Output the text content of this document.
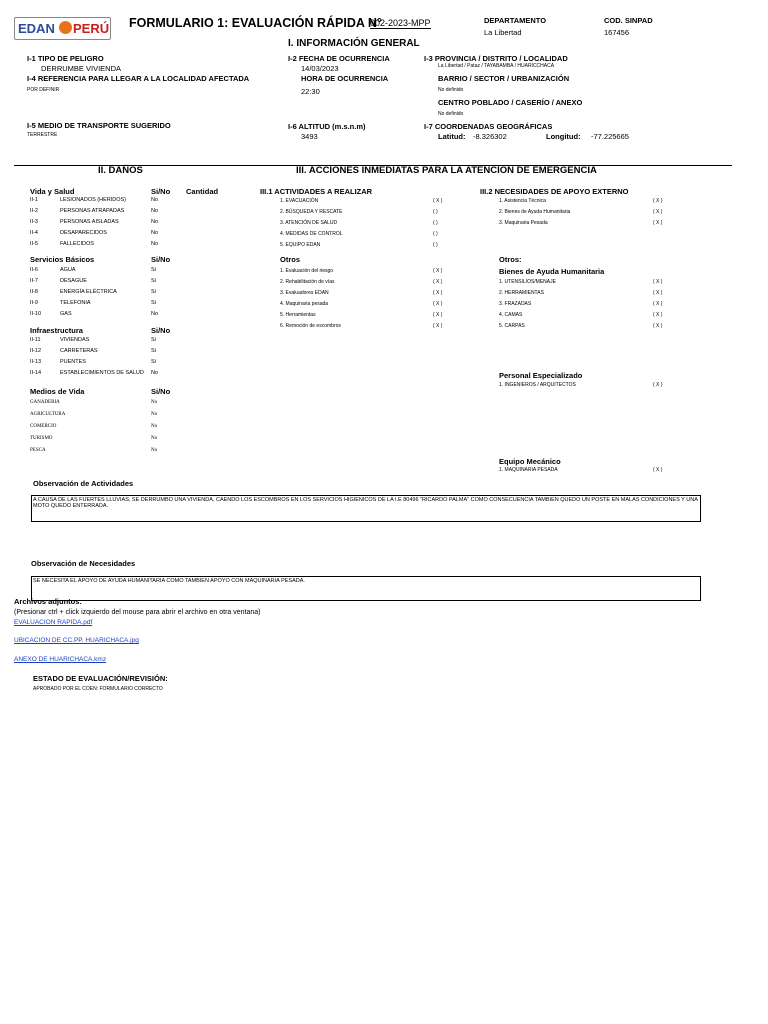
EDAN PERÚ FORMULARIO 1: EVALUACIÓN RÁPIDA N°
002-2023-MPP	DEPARTAMENTO
La Libertad
COD. SINPAD
167456
I. INFORMACIÓN GENERAL
I-1 TIPO DE PELIGRO
DERRUMBE VIVIENDA
I-2 FECHA DE OCURRENCIA
14/03/2023
I-3 PROVINCIA / DISTRITO / LOCALIDAD
La Libertad / Pataz / TAYABAMBA / HUARICCHACA
I-4 REFERENCIA PARA LLEGAR A LA LOCALIDAD AFECTADA
POR DEFINIR
HORA DE OCURRENCIA
22:30
BARRIO / SECTOR / URBANIZACIÓN
No definido
CENTRO POBLADO / CASERÍO / ANEXO
No definido
I-5 MEDIO DE TRANSPORTE SUGERIDO
TERRESTRE
I-6 ALTITUD (m.s.n.m)
3493
I-7 COORDENADAS GEOGRÁFICAS
Latitud: -8.326302	Longitud: -77.225665
II. DAÑOS	III. ACCIONES INMEDIATAS PARA LA ATENCION DE EMERGENCIA
Vida y Salud	Si/No Cantidad
II-1	LESIONADOS (HERIDOS)	No
II-2	PERSONAS ATRAPADAS	No
II-3	PERSONAS AISLADAS	No
II-4	DESAPARECIDOS	No
II-5	FALLECIDOS	No
Servicios Básicos	Si/No
II-6	AGUA	Si
II-7	DESAGUE	Si
II-8	ENERGÍA ELÉCTRICA	Si
II-9	TELEFONIA	Si
II-10	GAS	No
Infraestructura	Si/No
II-11	VIVIENDAS	Si
II-12	CARRETERAS	Si
II-13	PUENTES	Si
II-14	ESTABLECIMIENTOS DE SALUD No
Medios de Vida	Si/No
GANADERIA	No
AGRICULTURA	No
COMERCIO	No
TURISMO	No
PESCA	No
III.1 ACTIVIDADES A REALIZAR
1. EVACUACIÓN	( X )
2. BÚSQUEDA Y RESCATE	( )
3. ATENCIÓN DE SALUD	( )
4. MEDIDAS DE CONTROL	( )
5. EQUIPO EDAN	( )
Otros
1. Evaluación del riesgo	( X )
2. Rehabilitación de vías	( X )
3. Evaluadores EDAN	( X )
4. Maquinaria pesada	( X )
5. Herramientas	( X )
6. Remoción de escombros	( X )
III.2 NECESIDADES DE APOYO EXTERNO
1. Asistencia Técnica	( X )
2. Bienes de Ayuda Humanitaria	( X )
3. Maquinaria Pesada	( X )
Otros:
Bienes de Ayuda Humanitaria
1. UTENSILIOS/MENAJE	( X )
2. HERRAMIENTAS	( X )
3. FRAZADAS	( X )
4. CAMAS	( X )
5. CARPAS	( X )
Personal Especializado
1. INGENIEROS / ARQUITECTOS	( X )
Equipo Mecánico
1. MAQUINARIA PESADA	( X )
Observación de Actividades
A CAUSA DE LAS FUERTES LLUVIAS, SE DERRUMBO UNA VIVIENDA, CAENDO LOS ESCOMBROS EN LOS SERVICIOS HIGIENICOS DE LA I.E 80496 "RICARDO PALMA" COMO CONSECUENCIA TAMBIEN QUEDO UN POSTE EN MALAS CONDICIONES Y UNA MOTO QUEDO ENTERRADA.
Observación de Necesidades
SE NECESITA EL APOYO DE AYUDA HUMANITARIA COMO TAMBIEN APOYO CON MAQUINARIA PESADA.
Archivos adjuntos:
(Presionar ctrl + click izquierdo del mouse para abrir el archivo en otra ventana)
EVALUACION RAPIDA.pdf
UBICACION DE CC.PP. HUARICHACA.jpg
ANEXO DE HUARICHACA.kmz
ESTADO DE EVALUACIÓN/REVISIÓN:
APROBADO POR EL COEN: FORMULARIO CORRECTO
